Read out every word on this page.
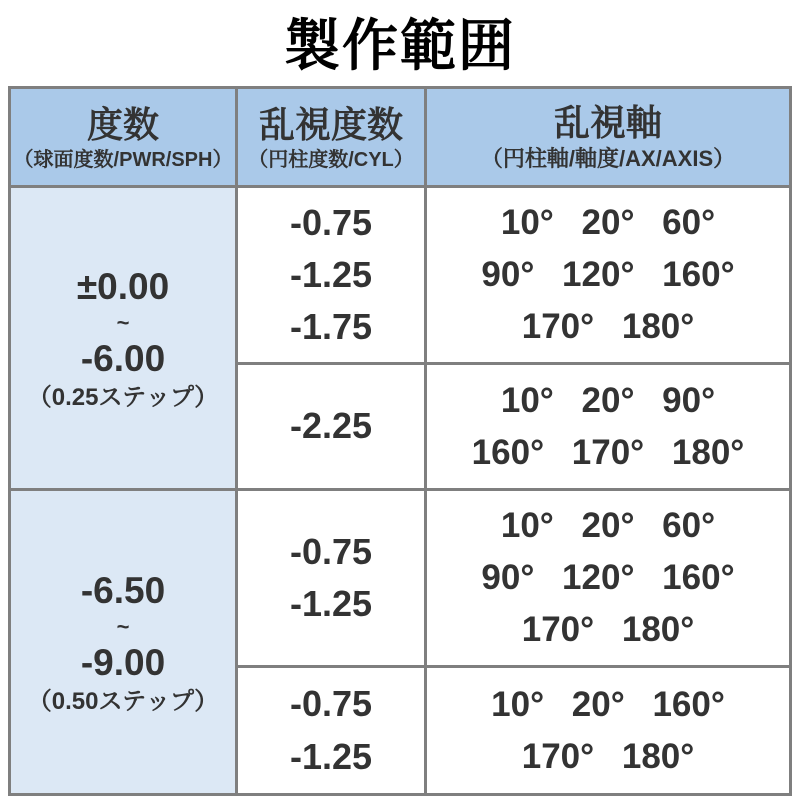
製作範囲
度数
（球面度数/PWR/SPH）
乱視度数
（円柱度数/CYL）
乱視軸
（円柱軸/軸度/AX/AXIS）
±0.00
~
-6.00
（0.25ステップ）
-0.75
-1.25
-1.75
10° 20° 60°
90° 120° 160°
170° 180°
-2.25
10° 20° 90°
160° 170° 180°
-6.50
~
-9.00
（0.50ステップ）
-0.75
-1.25
10° 20° 60°
90° 120° 160°
170° 180°
-0.75
-1.25
10° 20° 160°
170° 180°
